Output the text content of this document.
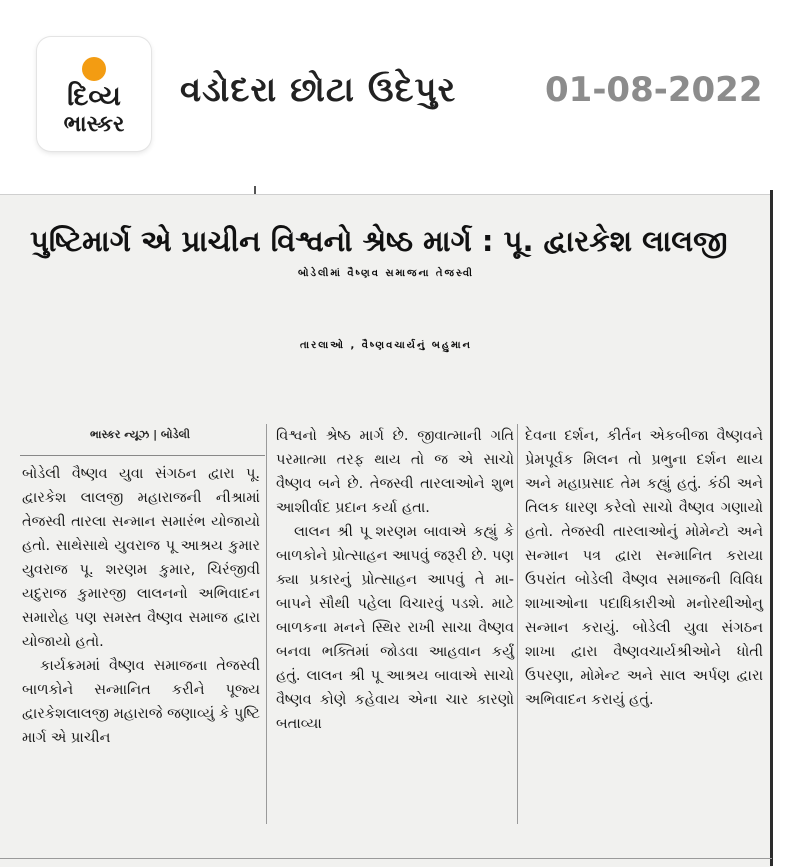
દિવ્ય
ભાસ્કર
વડોદરા છોટા ઉદેપુર	01-08-2022
પુષ્ટિમાર્ગ એ પ્રાચીન વિશ્વનો શ્રેષ્ઠ માર્ગ : પૂ. દ્વારકેશ લાલજી
બોડેલીમાં વૈષ્ણવ સમાજના તેજસ્વી
તારલાઓ , વૈષ્ણવચાર્યનું બહુમાન
ભાસ્કર ન્યૂઝ | બોડેલી

બોડેલી વૈષ્ણવ યુવા સંગઠન દ્વારા પૂ. દ્વારકેશ લાલજી મહારાજની નીશ્રામાં તેજસ્વી તારલા સન્માન સમારંભ યોજાયો હતો. સાથેસાથે યુવરાજ પૂ આશ્રય કુમાર યુવરાજ પૂ. શરણમ કુમાર, ચિરંજીવી યદુરાજ કુમારજી લાલનનો અભિવાદન સમારોહ પણ સમસ્ત વૈષ્ણવ સમાજ દ્વારા યોજાયો હતો.

કાર્યક્રમમાં વૈષ્ણવ સમાજના તેજસ્વી બાળકોને સન્માનિત કરીને પૂજ્ય દ્વારકેશલાલજી મહારાજે જણાવ્યું કે પુષ્ટિ માર્ગ એ પ્રાચીન

વિશ્વનો શ્રેષ્ઠ માર્ગ છે. જીવાત્માની ગતિ પરમાત્મા તરફ થાય તો જ એ સાચો વૈષ્ણવ બને છે. તેજસ્વી તારલાઓને શુભ આશીર્વાદ પ્રદાન કર્યા હતા.

લાલન શ્રી પૂ શરણમ બાવાએ કહ્યું કે બાળકોને પ્રોત્સાહન આપવું જરૂરી છે. પણ ક્યા પ્રકારનું પ્રોત્સાહન આપવું તે મા-બાપને સૌથી પહેલા વિચારવું પડશે. માટે બાળકના મનને સ્થિર રાખી સાચા વૈષ્ણવ બનવા ભક્તિમાં જોડવા આહવાન કર્યું હતું. લાલન શ્રી પૂ આશ્રય બાવાએ સાચો વૈષ્ણવ કોણે કહેવાય એના ચાર કારણો બતાવ્યા

દેવના દર્શન, કીર્તન એકબીજા વૈષ્ણવને પ્રેમપૂર્વક મિલન તો પ્રભુના દર્શન થાય અને મહાપ્રસાદ તેમ કહ્યું હતું. કંઠી અને તિલક ધારણ કરેલો સાચો વૈષ્ણવ ગણાયો હતો. તેજસ્વી તારલાઓનું મોમેન્ટો અને સન્માન પત્ર દ્વારા સન્માનિત કરાયા ઉપરાંત બોડેલી વૈષ્ણવ સમાજની વિવિધ શાખાઓના પદાધિકારીઓ મનોરથીઓનુ સન્માન કરાયું. બોડેલી યુવા સંગઠન શાખા દ્વારા વૈષ્ણવચાર્યશ્રીઓને ધોતી ઉપરણા, મોમેન્ટ અને સાલ અર્પણ દ્વારા અભિવાદન કરાયું હતું.
